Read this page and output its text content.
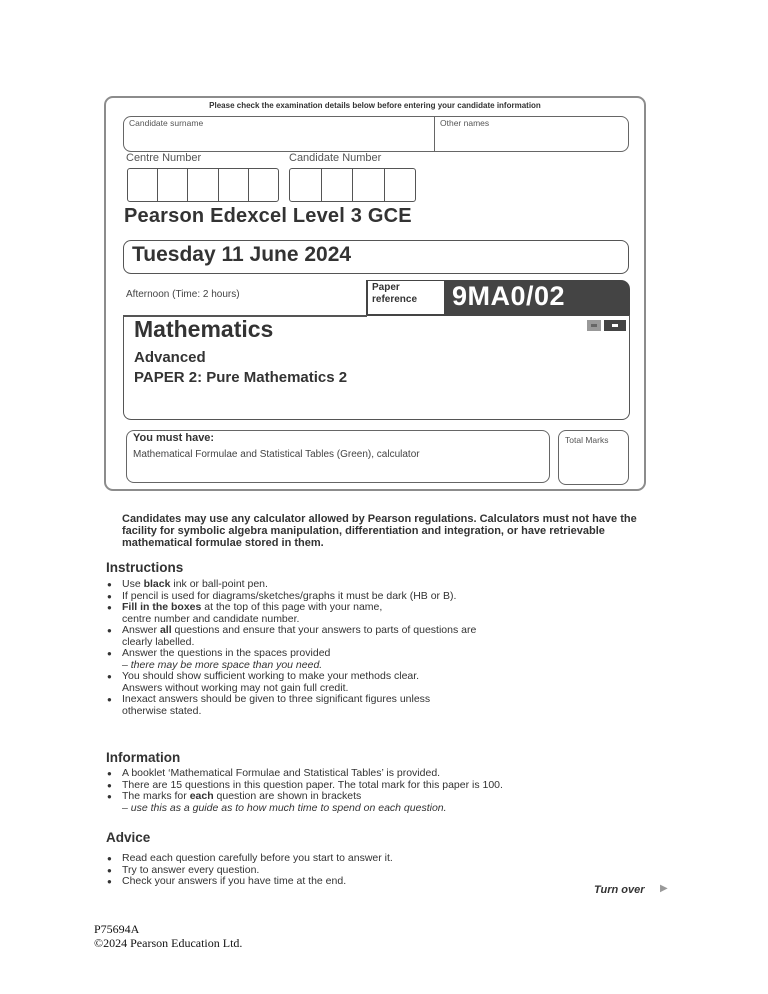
Please check the examination details below before entering your candidate information
Candidate surname	Other names
Centre Number	Candidate Number
Pearson Edexcel Level 3 GCE
Tuesday 11 June 2024
Afternoon (Time: 2 hours)
Paper
reference	9MA0/02
Mathematics
Advanced
PAPER 2: Pure Mathematics 2
You must have:
Mathematical Formulae and Statistical Tables (Green), calculator
Total Marks
Candidates may use any calculator allowed by Pearson regulations. Calculators must not have the facility for symbolic algebra manipulation, differentiation and integration, or have retrievable mathematical formulae stored in them.
Instructions
● Use black ink or ball-point pen.
● If pencil is used for diagrams/sketches/graphs it must be dark (HB or B).
● Fill in the boxes at the top of this page with your name,
centre number and candidate number.
● Answer all questions and ensure that your answers to parts of questions are
clearly labelled.
● Answer the questions in the spaces provided
– there may be more space than you need.
● You should show sufficient working to make your methods clear.
Answers without working may not gain full credit.
● Inexact answers should be given to three significant figures unless
otherwise stated.
Information
● A booklet ‘Mathematical Formulae and Statistical Tables’ is provided.
● There are 15 questions in this question paper. The total mark for this paper is 100.
● The marks for each question are shown in brackets
– use this as a guide as to how much time to spend on each question.
Advice
● Read each question carefully before you start to answer it.
● Try to answer every question.
● Check your answers if you have time at the end.
Turn over ▶
P75694A
©2024 Pearson Education Ltd.
